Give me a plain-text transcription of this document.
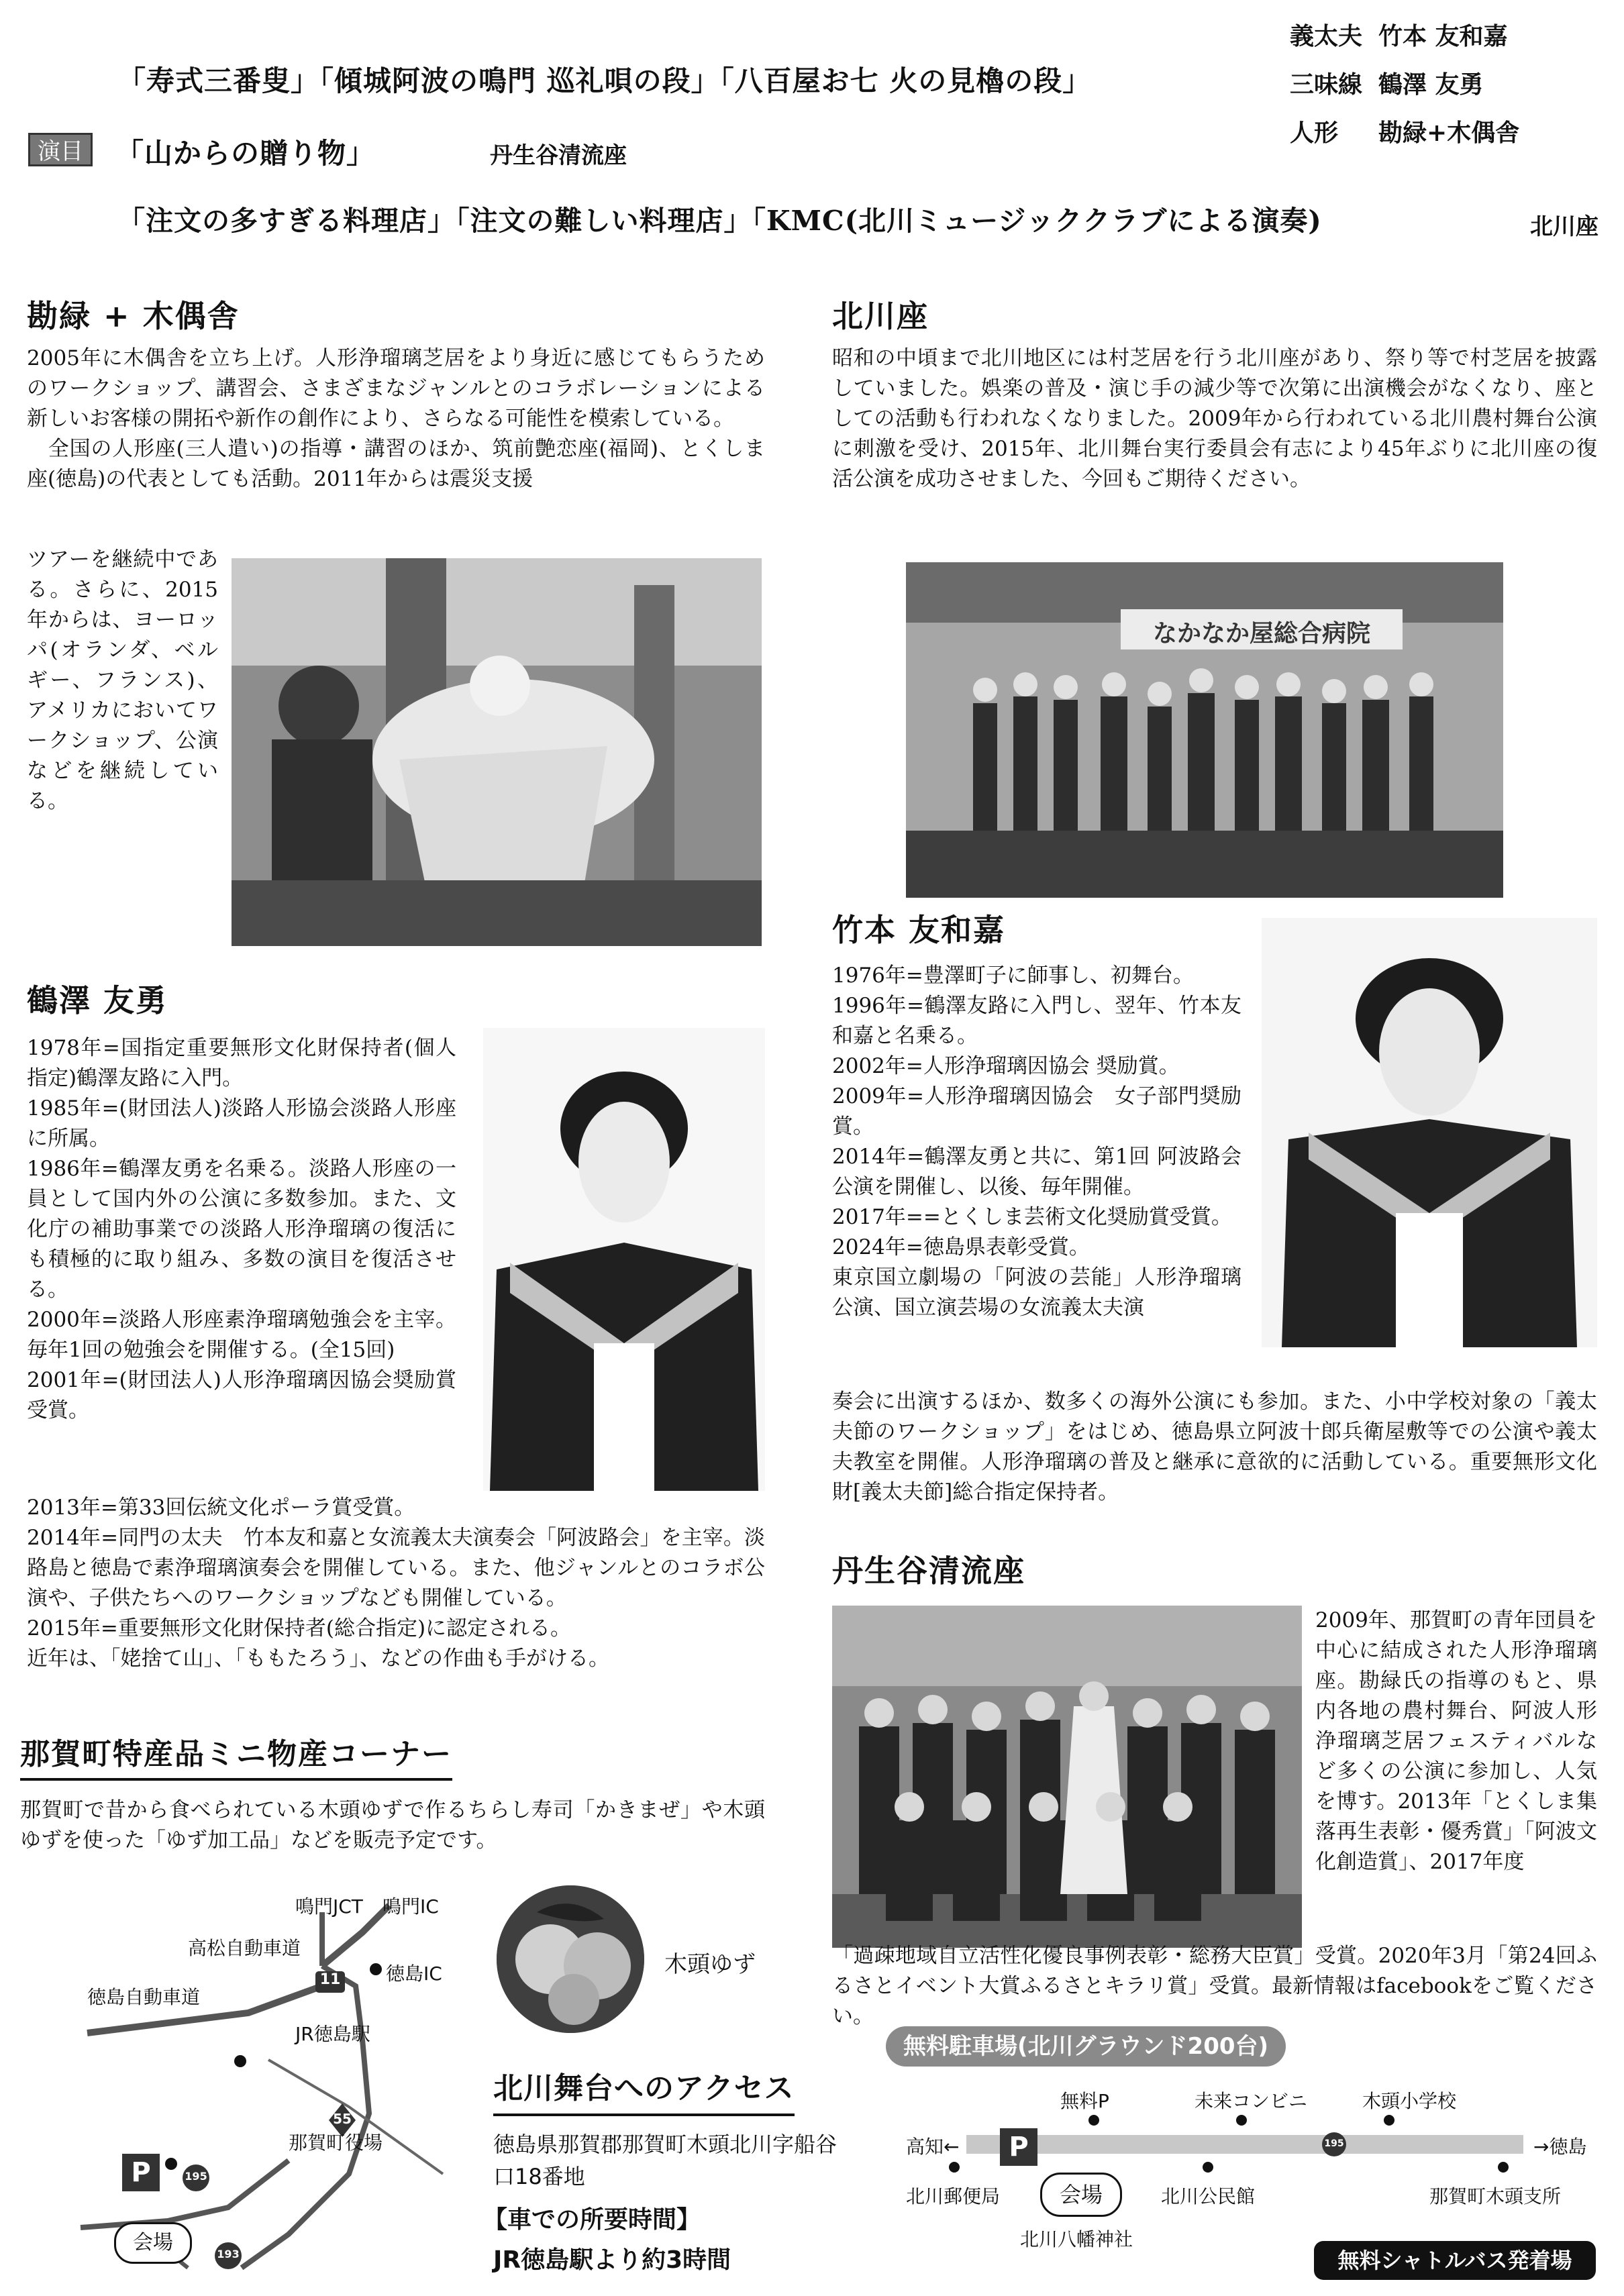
「寿式三番叟」「傾城阿波の鳴門 巡礼唄の段」「八百屋お七 火の見櫓の段」
演目	「山からの贈り物」	丹生谷清流座
「注文の多すぎる料理店」「注文の難しい料理店」「KMC(北川ミュージッククラブによる演奏)	北川座
義太夫 竹本 友和嘉
三味線 鶴澤 友勇
人形 勘緑+木偶舎
勘緑 + 木偶舎
2005年に木偶舎を立ち上げ。人形浄瑠璃芝居をより身近に感じてもらうためのワークショップ、講習会、さまざまなジャンルとのコラボレーションによる新しいお客様の開拓や新作の創作により、さらなる可能性を模索している。
　全国の人形座(三人遣い)の指導・講習のほか、筑前艶恋座(福岡)、とくしま座(徳島)の代表としても活動。2011年からは震災支援
ツアーを継続中である。さらに、2015年からは、ヨーロッパ(オランダ、ベルギー、フランス)、アメリカにおいてワークショップ、公演などを継続している。
北川座
昭和の中頃まで北川地区には村芝居を行う北川座があり、祭り等で村芝居を披露していました。娯楽の普及・演じ手の減少等で次第に出演機会がなくなり、座としての活動も行われなくなりました。2009年から行われている北川農村舞台公演に刺激を受け、2015年、北川舞台実行委員会有志により45年ぶりに北川座の復活公演を成功させました、今回もご期待ください。
なかなか屋総合病院
竹本 友和嘉
1976年=豊澤町子に師事し、初舞台。
1996年=鶴澤友路に入門し、翌年、竹本友和嘉と名乗る。
2002年=人形浄瑠璃因協会 奨励賞。
2009年=人形浄瑠璃因協会　女子部門奨励賞。
2014年=鶴澤友勇と共に、第1回 阿波路会 公演を開催し、以後、毎年開催。
2017年==とくしま芸術文化奨励賞受賞。
2024年=徳島県表彰受賞。
東京国立劇場の「阿波の芸能」人形浄瑠璃公演、国立演芸場の女流義太夫演
奏会に出演するほか、数多くの海外公演にも参加。また、小中学校対象の「義太夫節のワークショップ」をはじめ、徳島県立阿波十郎兵衛屋敷等での公演や義太夫教室を開催。人形浄瑠璃の普及と継承に意欲的に活動している。重要無形文化財[義太夫節]総合指定保持者。
鶴澤 友勇
1978年=国指定重要無形文化財保持者(個人指定)鶴澤友路に入門。
1985年=(財団法人)淡路人形協会淡路人形座に所属。
1986年=鶴澤友勇を名乗る。淡路人形座の一員として国内外の公演に多数参加。また、文化庁の補助事業での淡路人形浄瑠璃の復活にも積極的に取り組み、多数の演目を復活させる。
2000年=淡路人形座素浄瑠璃勉強会を主宰。毎年1回の勉強会を開催する。(全15回)
2001年=(財団法人)人形浄瑠璃因協会奨励賞受賞。
2013年=第33回伝統文化ポーラ賞受賞。
2014年=同門の太夫　竹本友和嘉と女流義太夫演奏会「阿波路会」を主宰。淡路島と徳島で素浄瑠璃演奏会を開催している。また、他ジャンルとのコラボ公演や、子供たちへのワークショップなども開催している。
2015年=重要無形文化財保持者(総合指定)に認定される。
近年は、「姥捨て山」、「ももたろう」、などの作曲も手がける。
丹生谷清流座
2009年、那賀町の青年団員を中心に結成された人形浄瑠璃座。勘緑氏の指導のもと、県内各地の農村舞台、阿波人形浄瑠璃芝居フェスティバルなど多くの公演に参加し、人気を博す。2013年「とくしま集落再生表彰・優秀賞」「阿波文化創造賞」、2017年度
「過疎地域自立活性化優良事例表彰・総務大臣賞」受賞。2020年3月「第24回ふるさとイベント大賞ふるさとキラリ賞」受賞。最新情報はfacebookをご覧ください。
那賀町特産品ミニ物産コーナー
那賀町で昔から食べられている木頭ゆずで作るちらし寿司「かきまぜ」や木頭ゆずを使った「ゆず加工品」などを販売予定です。
木頭ゆず
鳴門JCT 鳴門IC
高松自動車道
11 徳島IC
徳島自動車道
JR徳島駅
55
那賀町役場
195
193
P
会場
北川舞台へのアクセス
徳島県那賀郡那賀町木頭北川字船谷口18番地
【車での所要時間】
JR徳島駅より約3時間
無料駐車場(北川グラウンド200台)
高知←	P
無料P	未来コンビニ	木頭小学校
→徳島
195
北川郵便局	会場	北川公民館	那賀町木頭支所
北川八幡神社
無料シャトルバス発着場
